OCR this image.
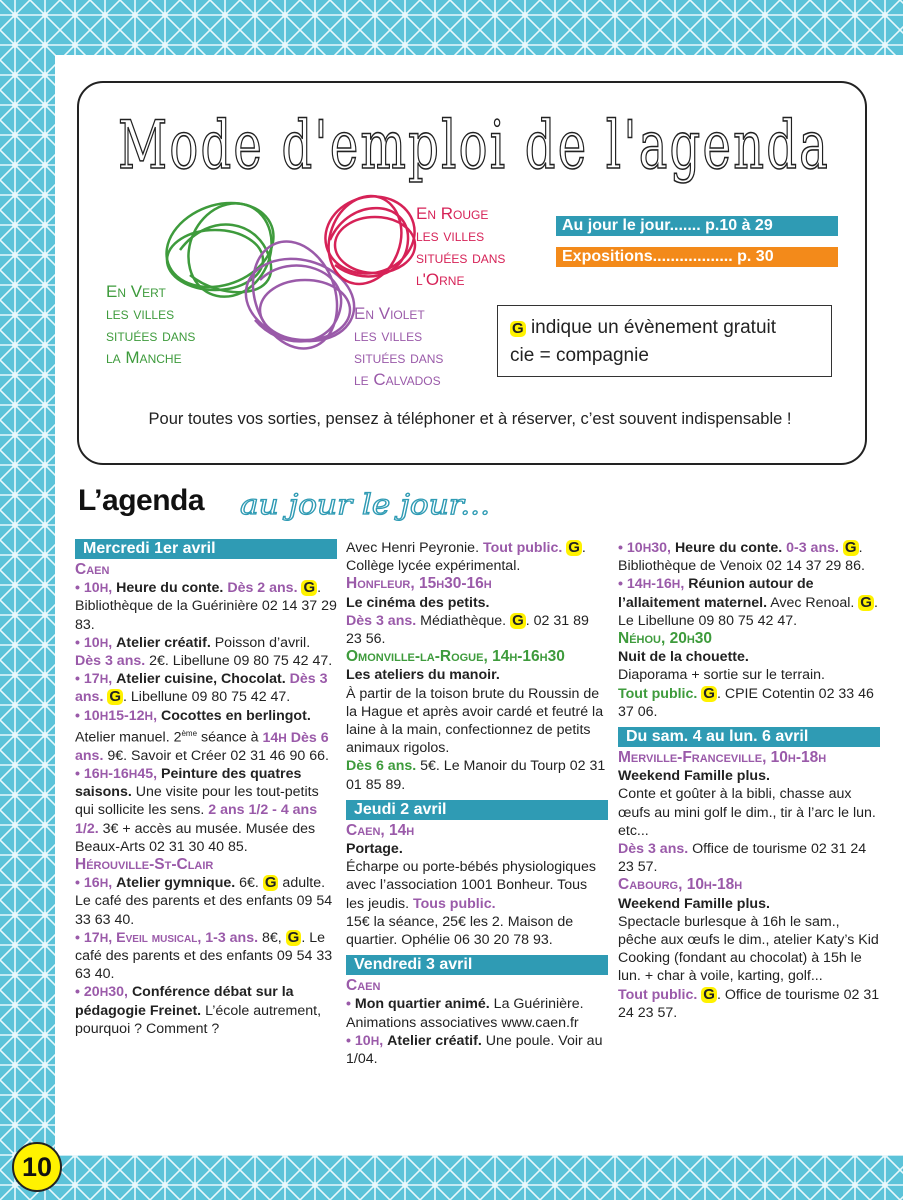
Mode d'emploi de l'agenda
En Vert
les villes
situées dans
la Manche
En Violet
les villes
situées dans
le Calvados
En Rouge
les villes
situées dans
l'Orne
Au jour le jour....... p.10 à 29
Expositions.................. p. 30
G indique un évènement gratuit
cie = compagnie
Pour toutes vos sorties, pensez à téléphoner et à réserver, c’est souvent indispensable !
L’agenda au jour le jour...

Mercredi 1er avril

Caen

• 10H, Heure du conte. Dès 2 ans. G . Bibliothèque de la Guérinière 02 14 37 29 83.

• 10H, Atelier créatif. Poisson d’avril. Dès 3 ans. 2€. Libellune 09 80 75 42 47.

• 17H, Atelier cuisine, Chocolat. Dès 3 ans. G . Libellune 09 80 75 42 47.

• 10H15-12H, Cocottes en berlingot. Atelier manuel. 2ème séance à 14H Dès 6 ans. 9€. Savoir et Créer 02 31 46 90 66.

• 16H-16H45, Peinture des quatres saisons. Une visite pour les tout-petits qui sollicite les sens. 2 ans 1/2 - 4 ans 1/2. 3€ + accès au musée. Musée des Beaux-Arts 02 31 30 40 85.

Hérouville-St-Clair

• 16H, Atelier gymnique. 6€. G adulte. Le café des parents et des enfants 09 54 33 63 40.

• 17H, Eveil musical, 1-3 ans. 8€, G . Le café des parents et des enfants 09 54 33 63 40.

• 20H30, Conférence débat sur la pédagogie Freinet. L’école autrement, pourquoi ? Comment ?

Avec Henri Peyronie. Tout public. G . Collège lycée expérimental.

Honfleur, 15h30-16h

Le cinéma des petits.
Dès 3 ans. Médiathèque. G . 02 31 89 23 56.

Omonville-la-Rogue, 14h-16h30

Les ateliers du manoir.
À partir de la toison brute du Roussin de la Hague et après avoir cardé et feutré la laine à la main, confectionnez de petits animaux rigolos.
Dès 6 ans. 5€. Le Manoir du Tourp 02 31 01 85 89.

Jeudi 2 avril

Caen, 14h

Portage.
Écharpe ou porte-bébés physiologiques avec l’association 1001 Bonheur. Tous les jeudis. Tous public.
15€ la séance, 25€ les 2. Maison de quartier. Ophélie 06 30 20 78 93.

Vendredi 3 avril

Caen

• Mon quartier animé. La Guérinière. Animations associatives www.caen.fr

• 10H, Atelier créatif. Une poule. Voir au 1/04.

• 10H30, Heure du conte. 0-3 ans. G . Bibliothèque de Venoix 02 14 37 29 86.

• 14H-16H, Réunion autour de l’allaitement maternel. Avec Renoal. G . Le Libellune 09 80 75 42 47.

Néhou, 20h30

Nuit de la chouette.
Diaporama + sortie sur le terrain.
Tout public. G . CPIE Cotentin 02 33 46 37 06.

Du sam. 4 au lun. 6 avril

Merville-Franceville, 10h-18h

Weekend Famille plus.
Conte et goûter à la bibli, chasse aux œufs au mini golf le dim., tir à l’arc le lun. etc...
Dès 3 ans. Office de tourisme 02 31 24 23 57.

Cabourg, 10h-18h

Weekend Famille plus.
Spectacle burlesque à 16h le sam., pêche aux œufs le dim., atelier Katy’s Kid Cooking (fondant au chocolat) à 15h le lun. + char à voile, karting, golf...
Tout public. G . Office de tourisme 02 31 24 23 57.

10
